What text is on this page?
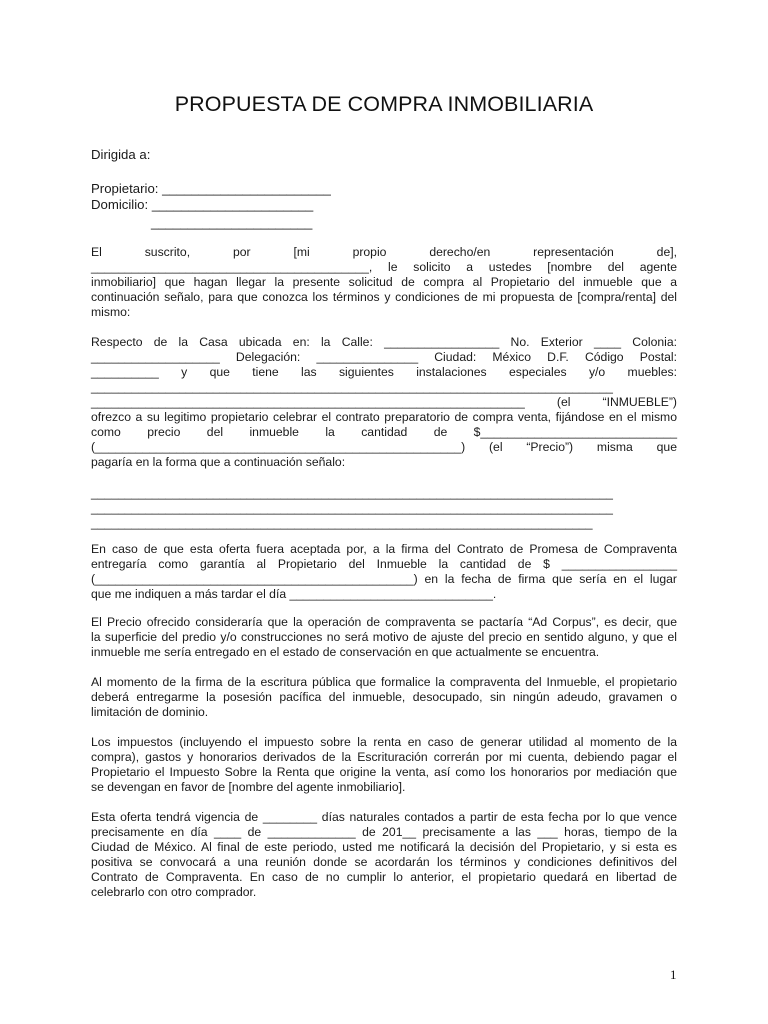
PROPUESTA DE COMPRA INMOBILIARIA
Dirigida a:
Propietario: _______________________
Domicilio: ______________________
______________________
El suscrito, por [mi propio derecho/en representación de],
_________________________________________, le solicito a ustedes [nombre del agente
inmobiliario] que hagan llegar la presente solicitud de compra al Propietario del inmueble que a
continuación señalo, para que conozca los términos y condiciones de mi propuesta de [compra/renta] del
mismo:
Respecto de la Casa ubicada en: la Calle: _________________ No. Exterior ____ Colonia:
___________________ Delegación: _______________ Ciudad: México D.F. Código Postal:
__________ y que tiene las siguientes instalaciones especiales y/o muebles:
_____________________________________________________________________________
________________________________________________________________ (el “INMUEBLE”)
ofrezco a su legitimo propietario celebrar el contrato preparatorio de compra venta, fijándose en el mismo
como precio del inmueble la cantidad de $_____________________________
(______________________________________________________) (el “Precio”) misma que
pagaría en la forma que a continuación señalo:
_____________________________________________________________________________
_____________________________________________________________________________
__________________________________________________________________________
En caso de que esta oferta fuera aceptada por, a la firma del Contrato de Promesa de Compraventa
entregaría como garantía al Propietario del Inmueble la cantidad de $ _________________
(_______________________________________________) en la fecha de firma que sería en el lugar
que me indiquen a más tardar el día ______________________________.
El Precio ofrecido consideraría que la operación de compraventa se pactaría “Ad Corpus”, es decir, que
la superficie del predio y/o construcciones no será motivo de ajuste del precio en sentido alguno, y que el
inmueble me sería entregado en el estado de conservación en que actualmente se encuentra.
Al momento de la firma de la escritura pública que formalice la compraventa del Inmueble, el propietario
deberá entregarme la posesión pacífica del inmueble, desocupado, sin ningún adeudo, gravamen o
limitación de dominio.
Los impuestos (incluyendo el impuesto sobre la renta en caso de generar utilidad al momento de la
compra), gastos y honorarios derivados de la Escrituración correrán por mi cuenta, debiendo pagar el
Propietario el Impuesto Sobre la Renta que origine la venta, así como los honorarios por mediación que
se devengan en favor de [nombre del agente inmobiliario].
Esta oferta tendrá vigencia de ________ días naturales contados a partir de esta fecha por lo que vence
precisamente en día ____ de _____________ de 201__ precisamente a las ___ horas, tiempo de la
Ciudad de México. Al final de este periodo, usted me notificará la decisión del Propietario, y si esta es
positiva se convocará a una reunión donde se acordarán los términos y condiciones definitivos del
Contrato de Compraventa. En caso de no cumplir lo anterior, el propietario quedará en libertad de
celebrarlo con otro comprador.
1
